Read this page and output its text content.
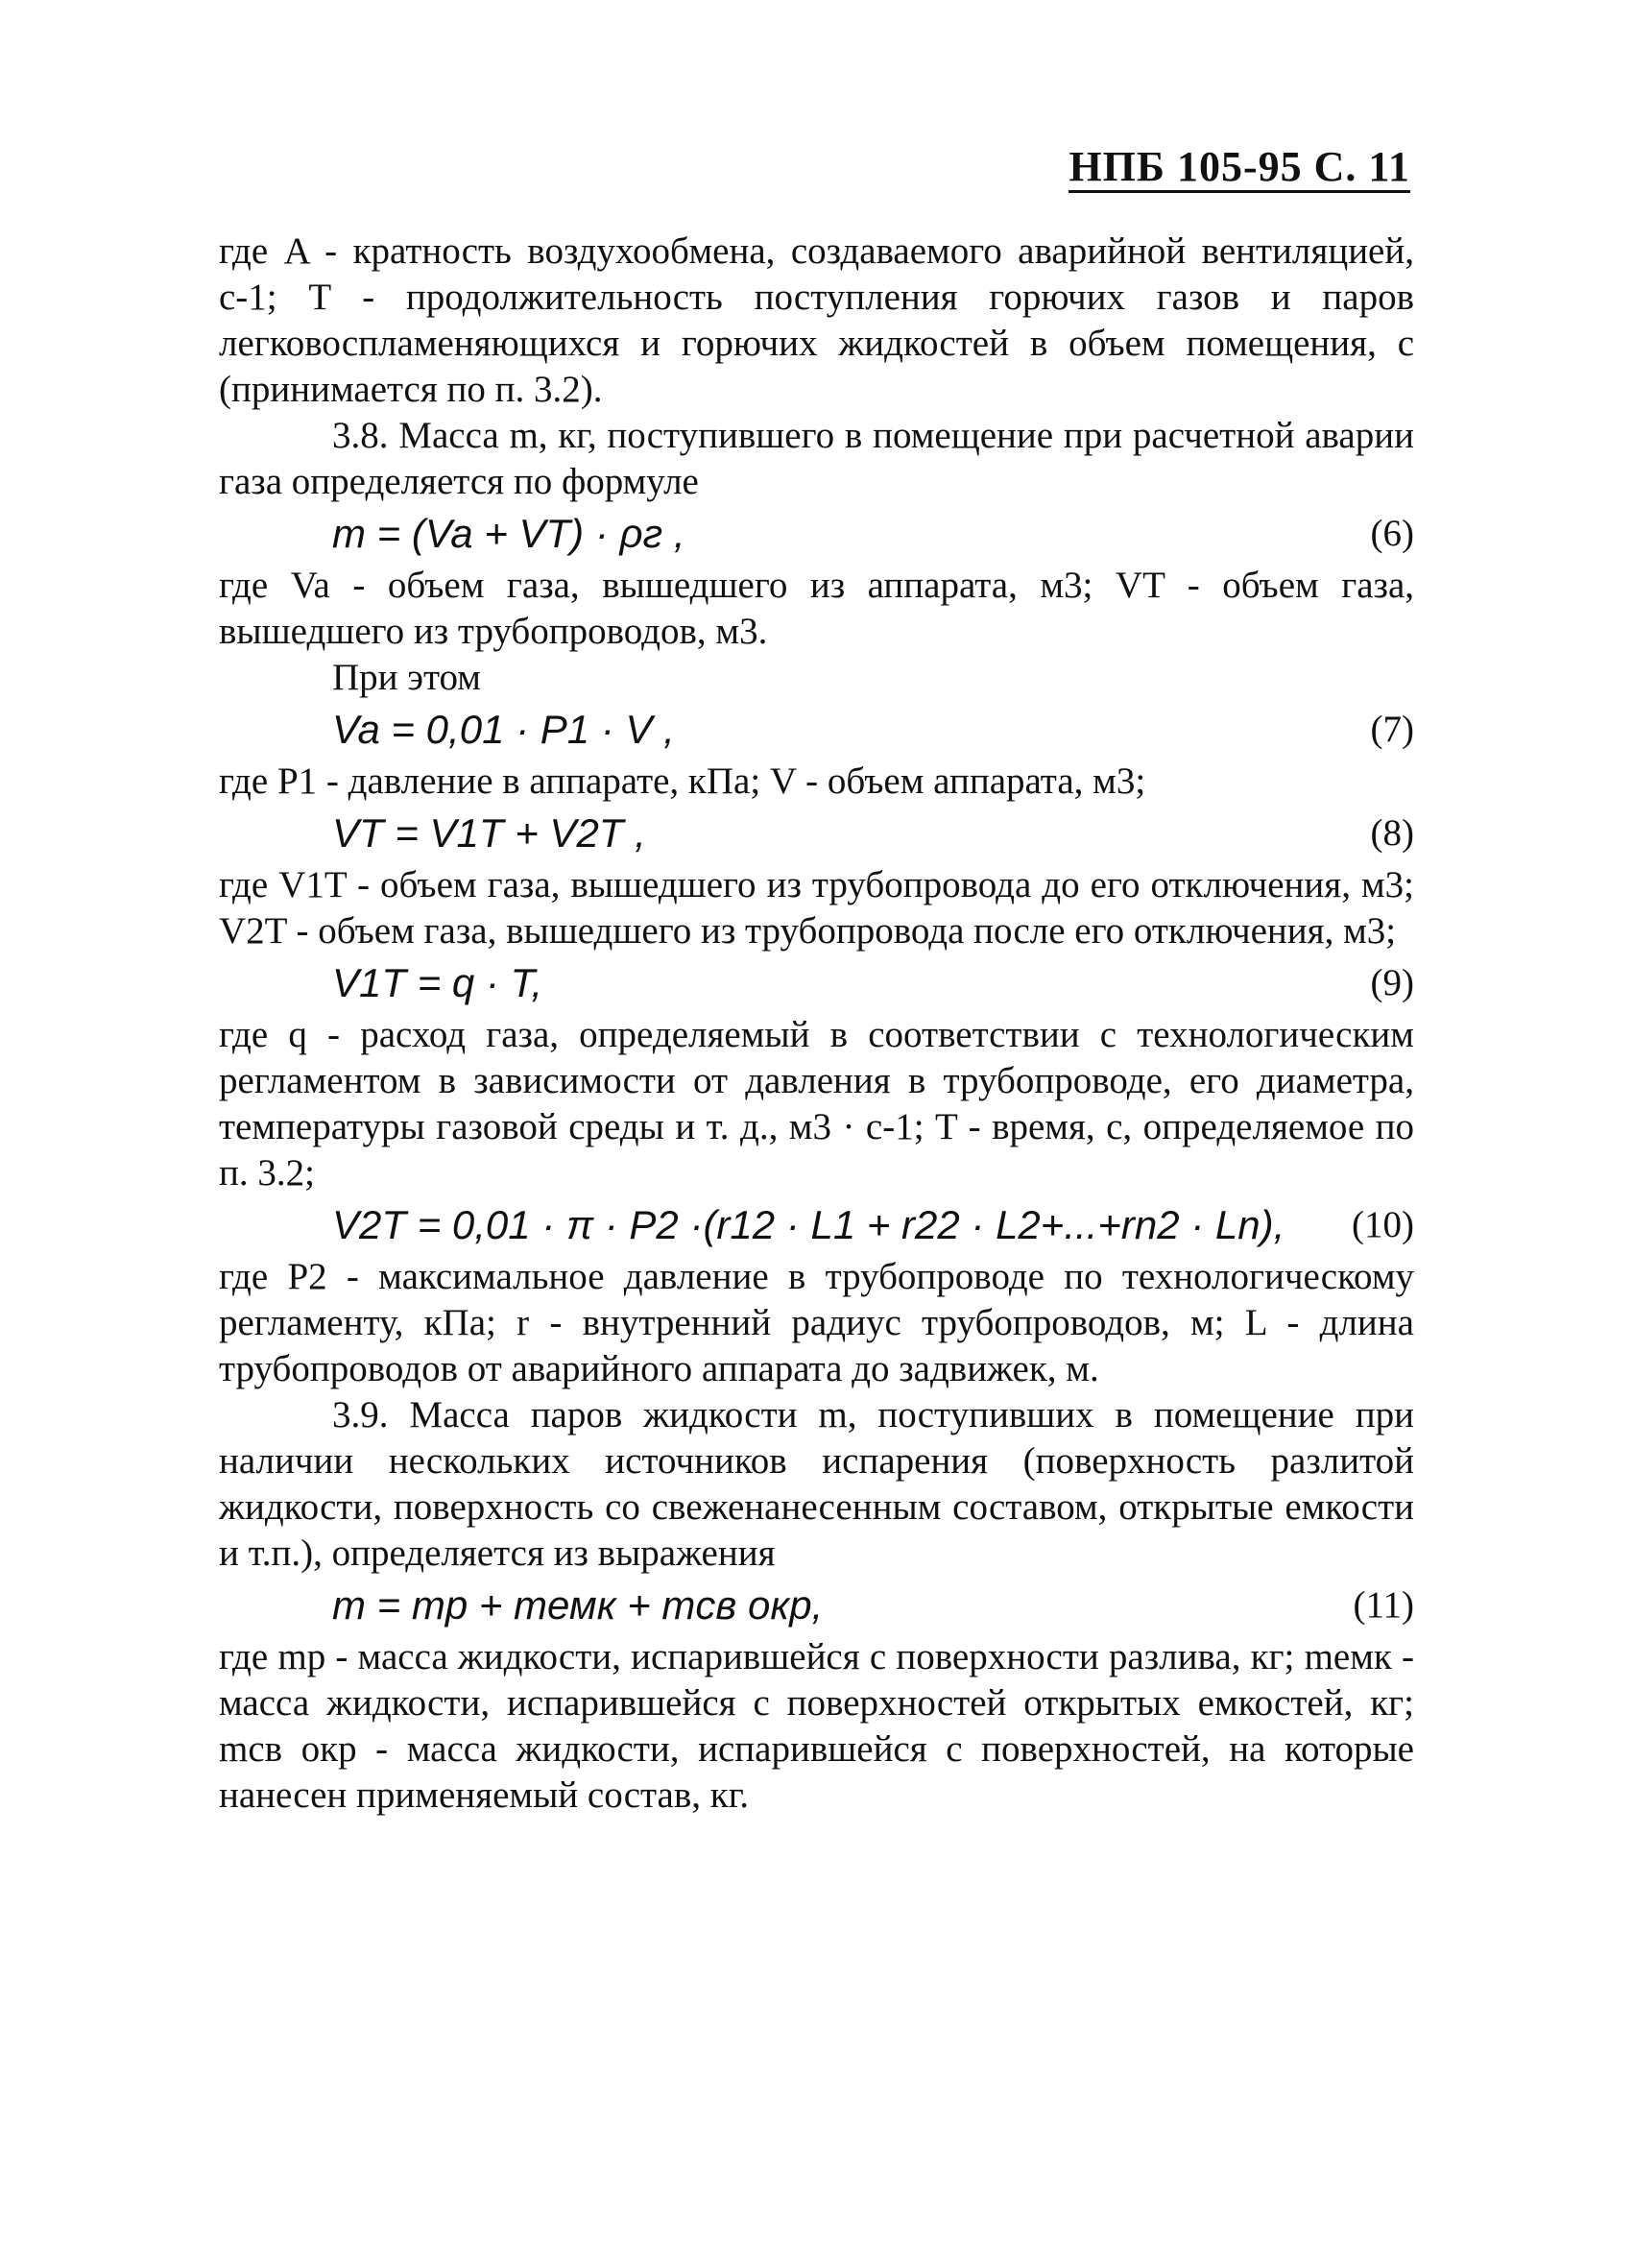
НПБ 105-95 С. 11

где A - кратность воздухообмена, создаваемого аварийной вентиляцией, с-1; T - продолжительность поступления горючих газов и паров легковоспламеняющихся и горючих жидкостей в объем помещения, с (принимается по п. 3.2).

3.8. Масса m, кг, поступившего в помещение при расчетной аварии газа определяется по формуле

m = (Va + VT) · ρг ,	(6)

где Va - объем газа, вышедшего из аппарата, м3; VT - объем газа, вышедшего из трубопроводов, м3.

При этом

Va = 0,01 · P1 · V ,	(7)

где P1 - давление в аппарате, кПа; V - объем аппарата, м3;

VT = V1T + V2T ,	(8)

где V1T - объем газа, вышедшего из трубопровода до его отключения, м3; V2T - объем газа, вышедшего из трубопровода после его отключения, м3;

V1T = q · T,	(9)

где q - расход газа, определяемый в соответствии с технологическим регламентом в зависимости от давления в трубопроводе, его диаметра, температуры газовой среды и т. д., м3 · с-1; T - время, с, определяемое по п. 3.2;

V2T = 0,01 · π · P2 ·(r12 · L1 + r22 · L2+...+rn2 · Ln), (10)

где P2 - максимальное давление в трубопроводе по технологическому регламенту, кПа; r - внутренний радиус трубопроводов, м; L - длина трубопроводов от аварийного аппарата до задвижек, м.

3.9. Масса паров жидкости m, поступивших в помещение при наличии нескольких источников испарения (поверхность разлитой жидкости, поверхность со свеженанесенным составом, открытые емкости и т.п.), определяется из выражения

m = mp + mемк + mсв окр,	(11)

где mp - масса жидкости, испарившейся с поверхности разлива, кг; mемк - масса жидкости, испарившейся с поверхностей открытых емкостей, кг; mсв окр - масса жидкости, испарившейся с поверхностей, на которые нанесен применяемый состав, кг.
